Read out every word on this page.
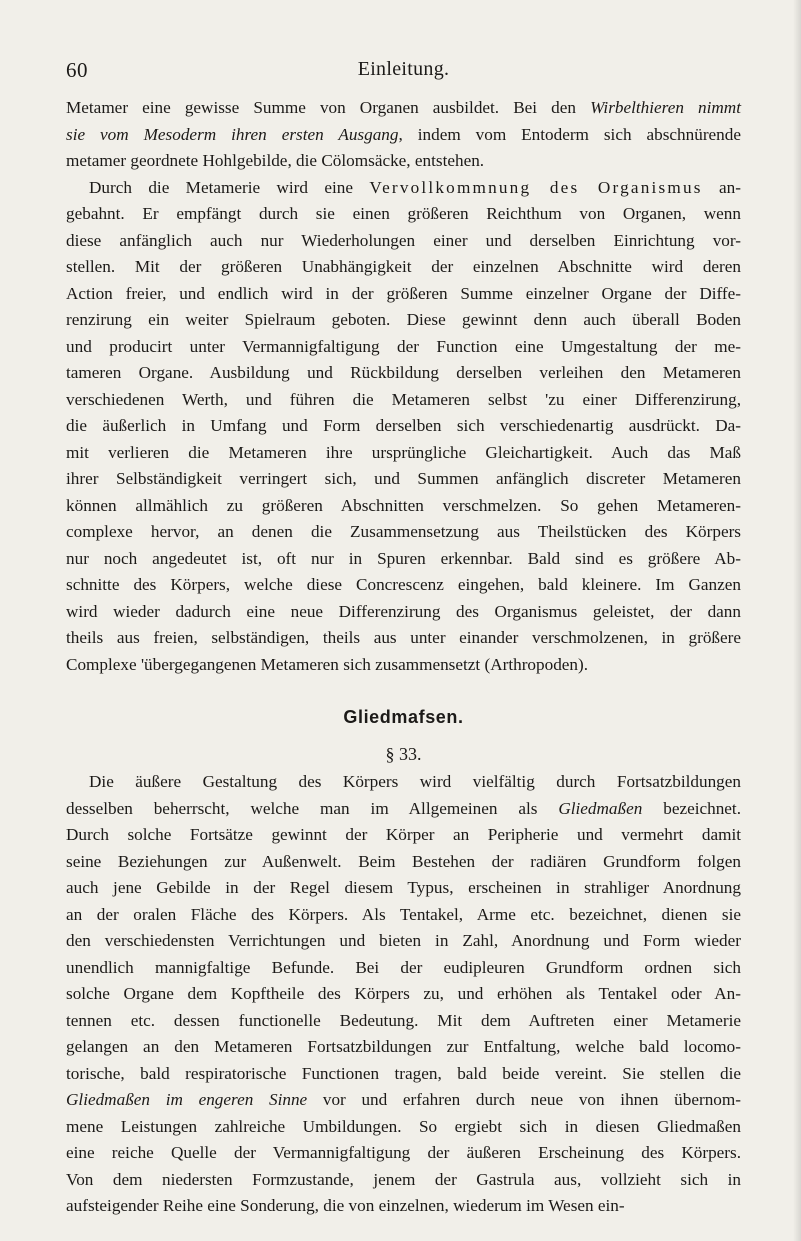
60	Einleitung.
Metamer eine gewisse Summe von Organen ausbildet. Bei den Wirbelthieren nimmt
sie vom Mesoderm ihren ersten Ausgang, indem vom Entoderm sich abschnürende
metamer geordnete Hohlgebilde, die Cölomsäcke, entstehen.
Durch die Metamerie wird eine Vervollkommnung des Organismus an-
gebahnt. Er empfängt durch sie einen größeren Reichthum von Organen, wenn
diese anfänglich auch nur Wiederholungen einer und derselben Einrichtung vor-
stellen. Mit der größeren Unabhängigkeit der einzelnen Abschnitte wird deren
Action freier, und endlich wird in der größeren Summe einzelner Organe der Diffe-
renzirung ein weiter Spielraum geboten. Diese gewinnt denn auch überall Boden
und producirt unter Vermannigfaltigung der Function eine Umgestaltung der me-
tameren Organe. Ausbildung und Rückbildung derselben verleihen den Metameren
verschiedenen Werth, und führen die Metameren selbst 'zu einer Differenzirung,
die äußerlich in Umfang und Form derselben sich verschiedenartig ausdrückt. Da-
mit verlieren die Metameren ihre ursprüngliche Gleichartigkeit. Auch das Maß
ihrer Selbständigkeit verringert sich, und Summen anfänglich discreter Metameren
können allmählich zu größeren Abschnitten verschmelzen. So gehen Metameren-
complexe hervor, an denen die Zusammensetzung aus Theilstücken des Körpers
nur noch angedeutet ist, oft nur in Spuren erkennbar. Bald sind es größere Ab-
schnitte des Körpers, welche diese Concrescenz eingehen, bald kleinere. Im Ganzen
wird wieder dadurch eine neue Differenzirung des Organismus geleistet, der dann
theils aus freien, selbständigen, theils aus unter einander verschmolzenen, in größere
Complexe 'übergegangenen Metameren sich zusammensetzt (Arthropoden).
Gliedmafsen.
§ 33.
Die äußere Gestaltung des Körpers wird vielfältig durch Fortsatzbildungen
desselben beherrscht, welche man im Allgemeinen als Gliedmaßen bezeichnet.
Durch solche Fortsätze gewinnt der Körper an Peripherie und vermehrt damit
seine Beziehungen zur Außenwelt. Beim Bestehen der radiären Grundform folgen
auch jene Gebilde in der Regel diesem Typus, erscheinen in strahliger Anordnung
an der oralen Fläche des Körpers. Als Tentakel, Arme etc. bezeichnet, dienen sie
den verschiedensten Verrichtungen und bieten in Zahl, Anordnung und Form wieder
unendlich mannigfaltige Befunde. Bei der eudipleuren Grundform ordnen sich
solche Organe dem Kopftheile des Körpers zu, und erhöhen als Tentakel oder An-
tennen etc. dessen functionelle Bedeutung. Mit dem Auftreten einer Metamerie
gelangen an den Metameren Fortsatzbildungen zur Entfaltung, welche bald locomo-
torische, bald respiratorische Functionen tragen, bald beide vereint. Sie stellen die
Gliedmaßen im engeren Sinne vor und erfahren durch neue von ihnen übernom-
mene Leistungen zahlreiche Umbildungen. So ergiebt sich in diesen Gliedmaßen
eine reiche Quelle der Vermannigfaltigung der äußeren Erscheinung des Körpers.
Von dem niedersten Formzustande, jenem der Gastrula aus, vollzieht sich in
aufsteigender Reihe eine Sonderung, die von einzelnen, wiederum im Wesen ein-
